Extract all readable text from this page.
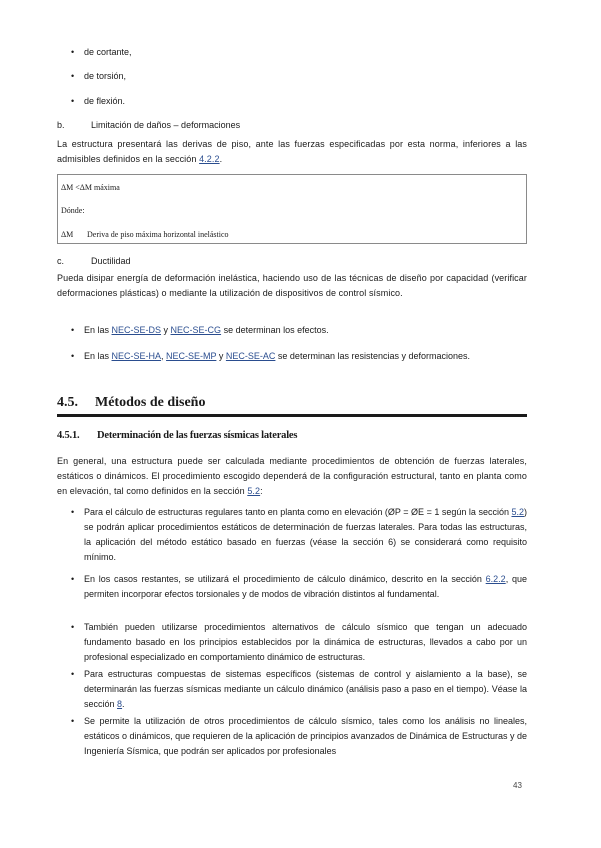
• de cortante,
• de torsión,
• de flexión.
b.	Limitación de daños – deformaciones
La estructura presentará las derivas de piso, ante las fuerzas especificadas por esta norma, inferiores a las admisibles definidos en la sección 4.2.2.
ΔM <ΔM máxima
Dónde:
ΔM Deriva de piso máxima horizontal inelástico
c.	Ductilidad
Pueda disipar energía de deformación inelástica, haciendo uso de las técnicas de diseño por capacidad (verificar deformaciones plásticas) o mediante la utilización de dispositivos de control sísmico.
• En las NEC-SE-DS y NEC-SE-CG se determinan los efectos.
• En las NEC-SE-HA, NEC-SE-MP y NEC-SE-AC se determinan las resistencias y deformaciones.
4.5. Métodos de diseño
4.5.1. Determinación de las fuerzas sísmicas laterales
En general, una estructura puede ser calculada mediante procedimientos de obtención de fuerzas laterales, estáticos o dinámicos. El procedimiento escogido dependerá de la configuración estructural, tanto en planta como en elevación, tal como definidos en la sección 5.2:
• Para el cálculo de estructuras regulares tanto en planta como en elevación (ØP = ØE = 1 según la sección 5.2) se podrán aplicar procedimientos estáticos de determinación de fuerzas laterales. Para todas las estructuras, la aplicación del método estático basado en fuerzas (véase la sección 6) se considerará como requisito mínimo.
• En los casos restantes, se utilizará el procedimiento de cálculo dinámico, descrito en la sección 6.2.2, que permiten incorporar efectos torsionales y de modos de vibración distintos al fundamental.
• También pueden utilizarse procedimientos alternativos de cálculo sísmico que tengan un adecuado fundamento basado en los principios establecidos por la dinámica de estructuras, llevados a cabo por un profesional especializado en comportamiento dinámico de estructuras.
• Para estructuras compuestas de sistemas específicos (sistemas de control y aislamiento a la base), se determinarán las fuerzas sísmicas mediante un cálculo dinámico (análisis paso a paso en el tiempo). Véase la sección 8.
• Se permite la utilización de otros procedimientos de cálculo sísmico, tales como los análisis no lineales, estáticos o dinámicos, que requieren de la aplicación de principios avanzados de Dinámica de Estructuras y de Ingeniería Sísmica, que podrán ser aplicados por profesionales
43
